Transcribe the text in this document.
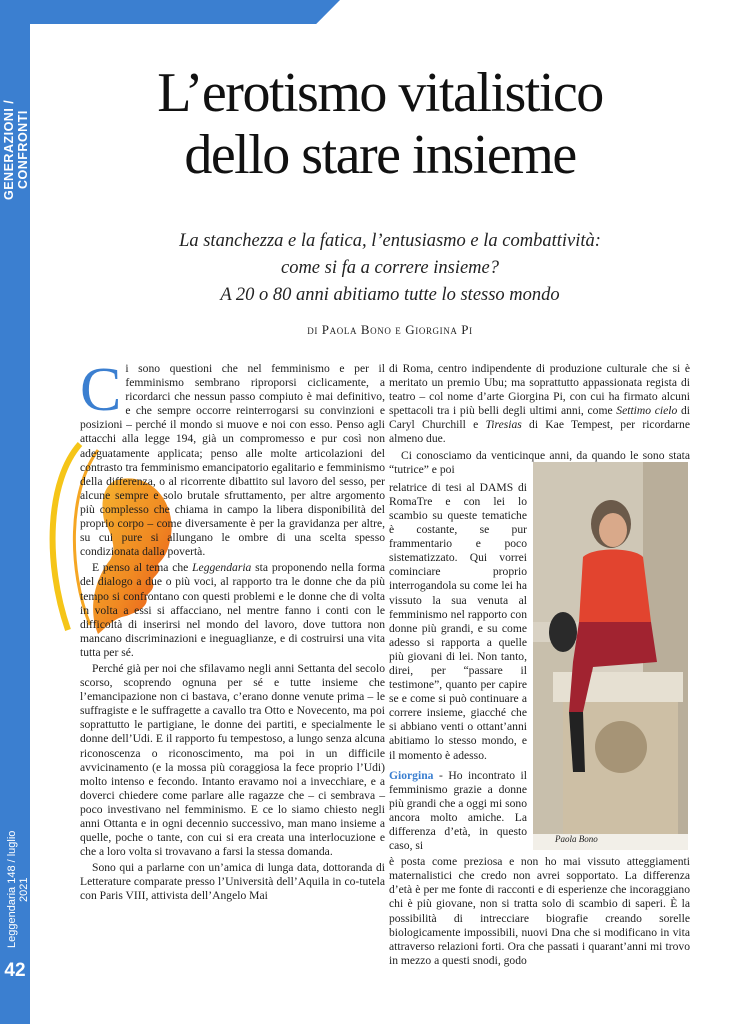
GENERAZIONI / CONFRONTI
Leggendaria 148 / luglio 2021
42
L’erotismo vitalistico
dello stare insieme
La stanchezza e la fatica, l’entusiasmo e la combattività:
come si fa a correre insieme?
A 20 o 80 anni abitiamo tutte lo stesso mondo
di Paola Bono e Giorgina Pi

Ci sono questioni che nel femminismo e per il femminismo sembrano riproporsi ciclicamente, a ricordarci che nessun passo compiuto è mai definitivo, e che sempre occorre reinterrogarsi su convinzioni e posizioni – perché il mondo si muove e noi con esso. Penso agli attacchi alla legge 194, già un compromesso e pur così non adeguatamente applicata; penso alle molte articolazioni del contrasto tra femminismo emancipatorio egalitario e femminismo della differenza, o al ricorrente dibattito sul lavoro del sesso, per alcune sempre e solo brutale sfruttamento, per altre argomento più complesso che chiama in campo la libera disponibilità del proprio corpo – come diversamente è per la gravidanza per altre, su cui pure si allungano le ombre di una scelta spesso condizionata dalla povertà.

E penso al tema che Leggendaria sta proponendo nella forma del dialogo a due o più voci, al rapporto tra le donne che da più tempo si confrontano con questi problemi e le donne che di volta in volta a essi si affacciano, nel mentre fanno i conti con le difficoltà di inserirsi nel mondo del lavoro, dove tuttora non mancano discriminazioni e ineguaglianze, e di costruirsi una vita tutta per sé.

Perché già per noi che sfilavamo negli anni Settanta del secolo scorso, scoprendo ognuna per sé e tutte insieme che l’emancipazione non ci bastava, c’erano donne venute prima – le suffragiste e le suffragette a cavallo tra Otto e Novecento, ma poi soprattutto le partigiane, le donne dei partiti, e specialmente le donne dell’Udi. E il rapporto fu tempestoso, a lungo senza alcuna riconoscenza o riconoscimento, ma poi in un difficile avvicinamento (e la mossa più coraggiosa la fece proprio l’Udi) molto intenso e fecondo. Intanto eravamo noi a invecchiare, e a doverci chiedere come parlare alle ragazze che – ci sembrava – poco investivano nel femminismo. E ce lo siamo chiesto negli anni Ottanta e in ogni decennio successivo, man mano insieme a quelle, poche o tante, con cui si era creata una interlocuzione e che a loro volta si trovavano a farsi la stessa domanda.

Sono qui a parlarne con un’amica di lunga data, dottoranda di Letterature comparate presso l’Università dell’Aquila in co-tutela con Paris VIII, attivista dell’Angelo Mai

di Roma, centro indipendente di produzione culturale che si è meritato un premio Ubu; ma soprattutto appassionata regista di teatro – col nome d’arte Giorgina Pi, con cui ha firmato alcuni spettacoli tra i più belli degli ultimi anni, come Settimo cielo di Caryl Churchill e Tiresias di Kae Tempest, per ricordarne almeno due.

Ci conosciamo da venticinque anni, da quando le sono stata “tutrice” e poi

relatrice di tesi al DAMS di RomaTre e con lei lo scambio su queste tematiche è costante, se pur frammentario e poco sistematizzato. Qui vorrei cominciare proprio interrogandola su come lei ha vissuto la sua venuta al femminismo nel rapporto con donne più grandi, e su come adesso si rapporta a quelle più giovani di lei. Non tanto, direi, per “passare il testimone”, quanto per capire se e come si può continuare a correre insieme, giacché che si abbiano venti o ottant’anni abitiamo lo stesso mondo, e il momento è adesso.

Giorgina - Ho incontrato il femminismo grazie a donne più grandi che a oggi mi sono ancora molto amiche. La differenza d’età, in questo caso, si

è posta come preziosa e non ho mai vissuto atteggiamenti maternalistici che credo non avrei sopportato. La differenza d’età è per me fonte di racconti e di esperienze che incoraggiano chi è più giovane, non si tratta solo di scambio di saperi. È la possibilità di intrecciare biografie creando sorelle biologicamente impossibili, nuovi Dna che si modificano in vita attraverso relazioni forti. Ora che passati i quarant’anni mi trovo in mezzo a questi snodi, godo

Paola Bono
